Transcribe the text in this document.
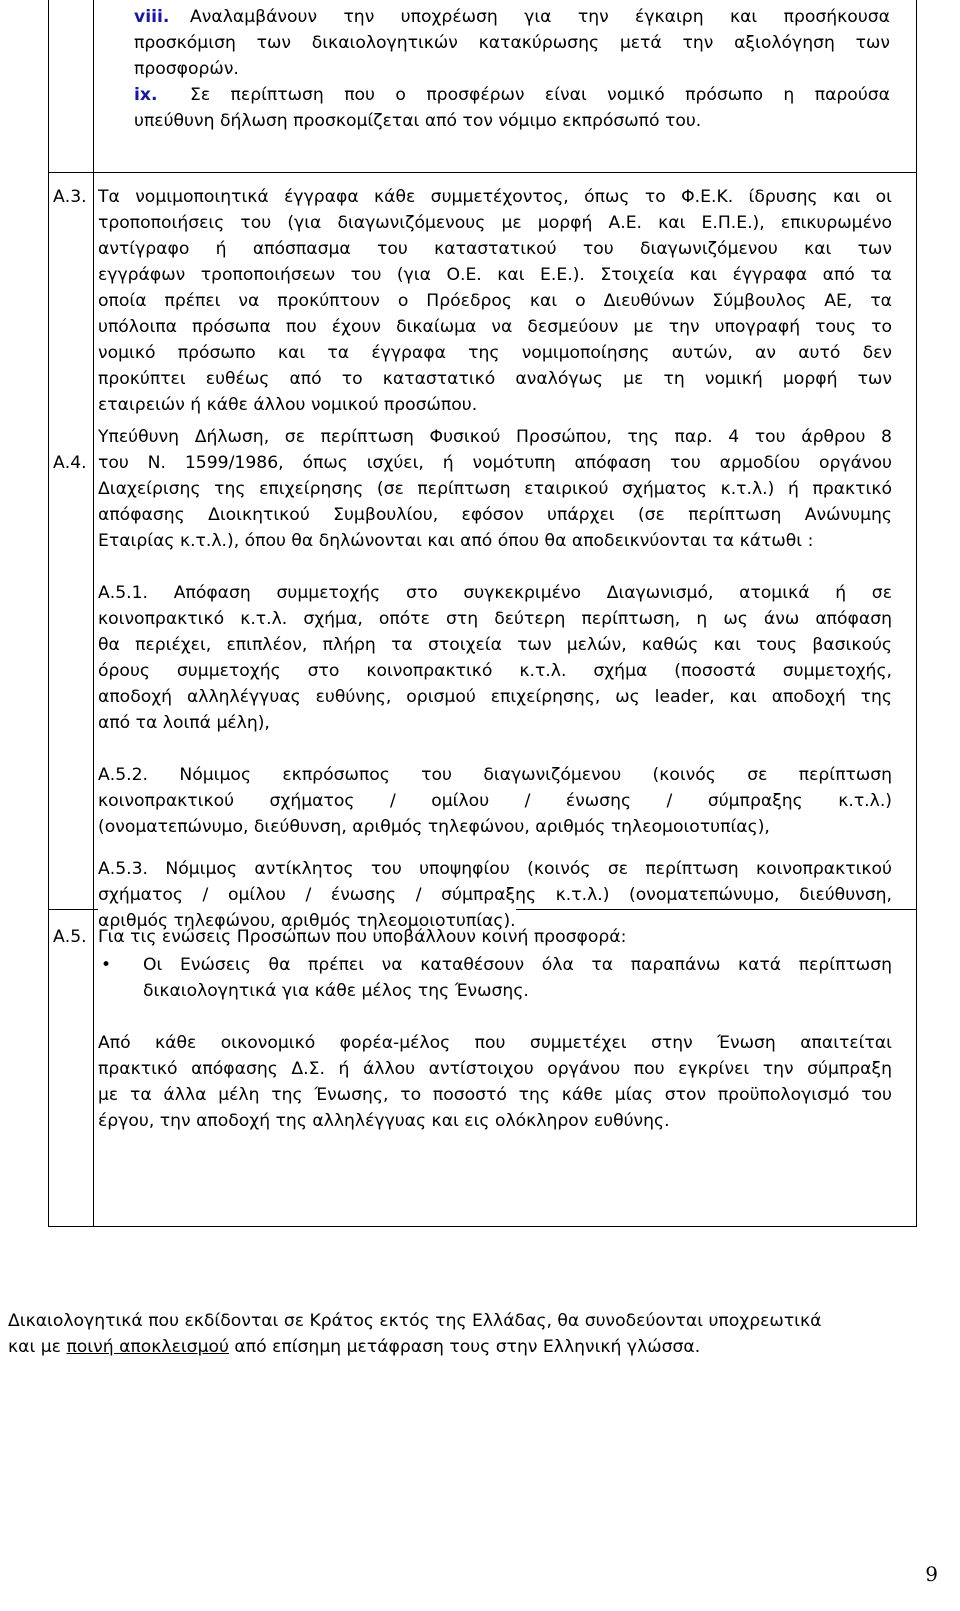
viii. Αναλαμβάνουν την υποχρέωση για την έγκαιρη και προσήκουσα
προσκόμιση των δικαιολογητικών κατακύρωσης μετά την αξιολόγηση των
προσφορών.
ix. Σε περίπτωση που ο προσφέρων είναι νομικό πρόσωπο η παρούσα
υπεύθυνη δήλωση προσκομίζεται από τον νόμιμο εκπρόσωπό του.
Α.3. Τα νομιμοποιητικά έγγραφα κάθε συμμετέχοντος, όπως το Φ.Ε.Κ. ίδρυσης και οι
τροποποιήσεις του (για διαγωνιζόμενους με μορφή Α.Ε. και Ε.Π.Ε.), επικυρωμένο
αντίγραφο ή απόσπασμα του καταστατικού του διαγωνιζόμενου και των
εγγράφων τροποποιήσεων του (για Ο.Ε. και Ε.Ε.). Στοιχεία και έγγραφα από τα
οποία πρέπει να προκύπτουν ο Πρόεδρος και ο Διευθύνων Σύμβουλος ΑΕ, τα
υπόλοιπα πρόσωπα που έχουν δικαίωμα να δεσμεύουν με την υπογραφή τους το
νομικό πρόσωπο και τα έγγραφα της νομιμοποίησης αυτών, αν αυτό δεν
προκύπτει ευθέως από το καταστατικό αναλόγως με τη νομική μορφή των
εταιρειών ή κάθε άλλου νομικού προσώπου.
Α.4.
Υπεύθυνη Δήλωση, σε περίπτωση Φυσικού Προσώπου, της παρ. 4 του άρθρου 8
του Ν. 1599/1986, όπως ισχύει, ή νομότυπη απόφαση του αρμοδίου οργάνου
Διαχείρισης της επιχείρησης (σε περίπτωση εταιρικού σχήματος κ.τ.λ.) ή πρακτικό
απόφασης Διοικητικού Συμβουλίου, εφόσον υπάρχει (σε περίπτωση Ανώνυμης
Εταιρίας κ.τ.λ.), όπου θα δηλώνονται και από όπου θα αποδεικνύονται τα κάτωθι :
Α.5.1. Απόφαση συμμετοχής στο συγκεκριμένο Διαγωνισμό, ατομικά ή σε
κοινοπρακτικό κ.τ.λ. σχήμα, οπότε στη δεύτερη περίπτωση, η ως άνω απόφαση
θα περιέχει, επιπλέον, πλήρη τα στοιχεία των μελών, καθώς και τους βασικούς
όρους συμμετοχής στο κοινοπρακτικό κ.τ.λ. σχήμα (ποσοστά συμμετοχής,
αποδοχή αλληλέγγυας ευθύνης, ορισμού επιχείρησης, ως leader, και αποδοχή της
από τα λοιπά μέλη),
Α.5.2. Νόμιμος εκπρόσωπος του διαγωνιζόμενου (κοινός σε περίπτωση
κοινοπρακτικού σχήματος / ομίλου / ένωσης / σύμπραξης κ.τ.λ.)
(ονοματεπώνυμο, διεύθυνση, αριθμός τηλεφώνου, αριθμός τηλεομοιοτυπίας),
Α.5.3. Νόμιμος αντίκλητος του υποψηφίου (κοινός σε περίπτωση κοινοπρακτικού
σχήματος / ομίλου / ένωσης / σύμπραξης κ.τ.λ.) (ονοματεπώνυμο, διεύθυνση,
αριθμός τηλεφώνου, αριθμός τηλεομοιοτυπίας).
Α.5. Για τις ενώσεις Προσώπων που υποβάλλουν κοινή προσφορά:
• Οι Ενώσεις θα πρέπει να καταθέσουν όλα τα παραπάνω κατά περίπτωση
δικαιολογητικά για κάθε μέλος της Ένωσης.
Από κάθε οικονομικό φορέα-μέλος που συμμετέχει στην Ένωση απαιτείται
πρακτικό απόφασης Δ.Σ. ή άλλου αντίστοιχου οργάνου που εγκρίνει την σύμπραξη
με τα άλλα μέλη της Ένωσης, το ποσοστό της κάθε μίας στον προϋπολογισμό του
έργου, την αποδοχή της αλληλέγγυας και εις ολόκληρον ευθύνης.
Δικαιολογητικά που εκδίδονται σε Κράτος εκτός της Ελλάδας, θα συνοδεύονται υποχρεωτικά
και με ποινή αποκλεισμού από επίσημη μετάφραση τους στην Ελληνική γλώσσα.
9
